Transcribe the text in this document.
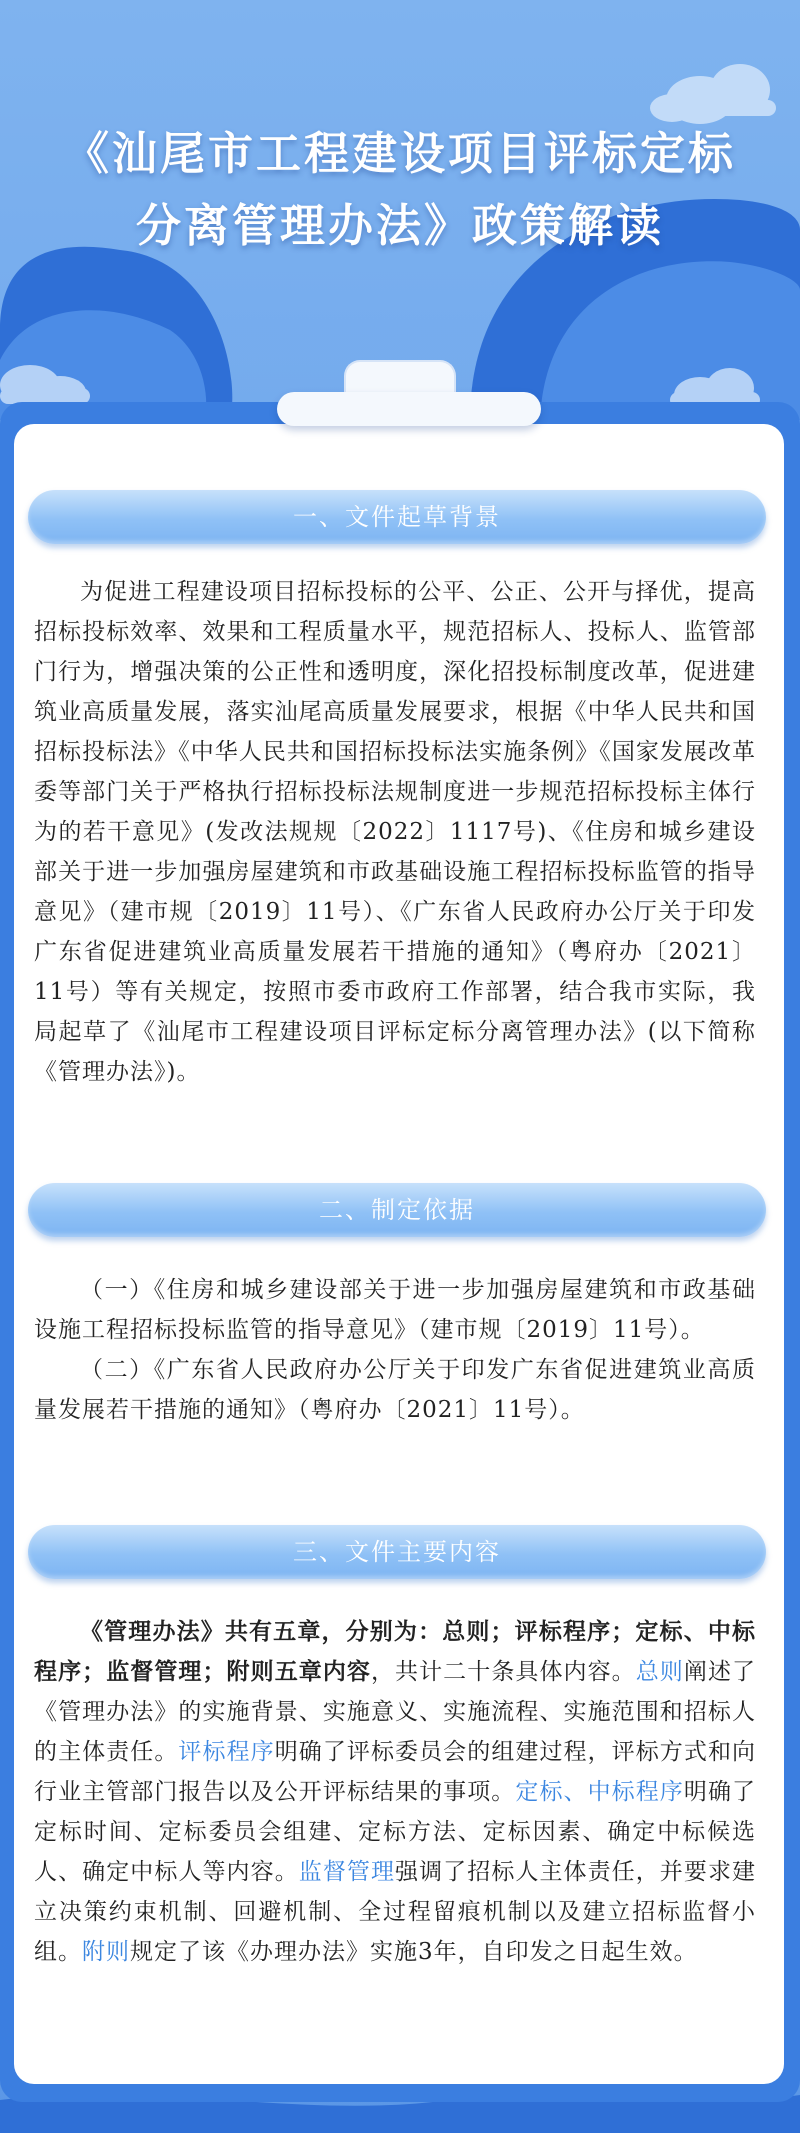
《汕尾市工程建设项目评标定标
分离管理办法》政策解读
一、文件起草背景

为促进工程建设项目招标投标的公平、公正、公开与择优，提高招标投标效率、效果和工程质量水平，规范招标人、投标人、监管部门行为，增强决策的公正性和透明度，深化招投标制度改革，促进建筑业高质量发展，落实汕尾高质量发展要求，根据《中华人民共和国招标投标法》《中华人民共和国招标投标法实施条例》《国家发展改革委等部门关于严格执行招标投标法规制度进一步规范招标投标主体行为的若干意见》(发改法规规〔2022〕1117号)、《住房和城乡建设部关于进一步加强房屋建筑和市政基础设施工程招标投标监管的指导意见》（建市规〔2019〕11号）、《广东省人民政府办公厅关于印发广东省促进建筑业高质量发展若干措施的通知》（粤府办〔2021〕11号）等有关规定，按照市委市政府工作部署，结合我市实际，我局起草了《汕尾市工程建设项目评标定标分离管理办法》(以下简称《管理办法》)。

二、制定依据

（一）《住房和城乡建设部关于进一步加强房屋建筑和市政基础设施工程招标投标监管的指导意见》（建市规〔2019〕11号）。

（二）《广东省人民政府办公厅关于印发广东省促进建筑业高质量发展若干措施的通知》（粤府办〔2021〕11号）。

三、文件主要内容

《管理办法》共有五章，分别为：总则；评标程序；定标、中标程序；监督管理；附则五章内容，共计二十条具体内容。总则阐述了《管理办法》的实施背景、实施意义、实施流程、实施范围和招标人的主体责任。评标程序明确了评标委员会的组建过程，评标方式和向行业主管部门报告以及公开评标结果的事项。定标、中标程序明确了定标时间、定标委员会组建、定标方法、定标因素、确定中标候选人、确定中标人等内容。监督管理强调了招标人主体责任，并要求建立决策约束机制、回避机制、全过程留痕机制以及建立招标监督小组。附则规定了该《办理办法》实施3年，自印发之日起生效。
